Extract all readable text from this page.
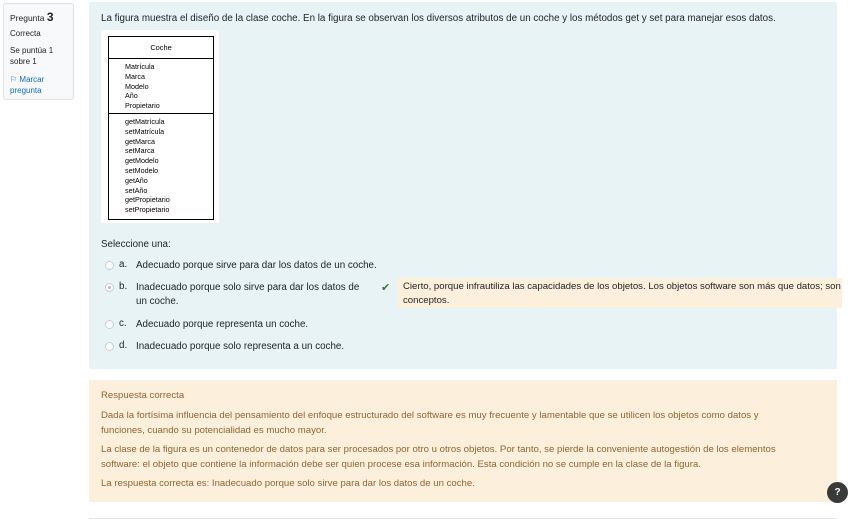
Pregunta 3
Correcta
Se puntúa 1 sobre 1
⚐ Marcar pregunta
La figura muestra el diseño de la clase coche. En la figura se observan los diversos atributos de un coche y los métodos get y set para manejar esos datos.
Coche
Matrícula
Marca
Modelo
Año
Propietario
getMatrícula
setMatrícula
getMarca
setMarca
getModelo
setModelo
getAño
setAño
getPropietario
setPropietario
Seleccione una:
a. Adecuado porque sirve para dar los datos de un coche.
b. Inadecuado porque solo sirve para dar los datos de un coche.
✔	Cierto, porque infrautiliza las capacidades de los objetos. Los objetos software son más que datos; son conceptos.
c. Adecuado porque representa un coche.
d. Inadecuado porque solo representa a un coche.
Respuesta correcta

Dada la fortísima influencia del pensamiento del enfoque estructurado del software es muy frecuente y lamentable que se utilicen los objetos como datos y funciones, cuando su potencialidad es mucho mayor.

La clase de la figura es un contenedor de datos para ser procesados por otro u otros objetos. Por tanto, se pierde la conveniente autogestión de los elementos software: el objeto que contiene la información debe ser quien procese esa información. Esta condición no se cumple en la clase de la figura.

La respuesta correcta es: Inadecuado porque solo sirve para dar los datos de un coche.

?
